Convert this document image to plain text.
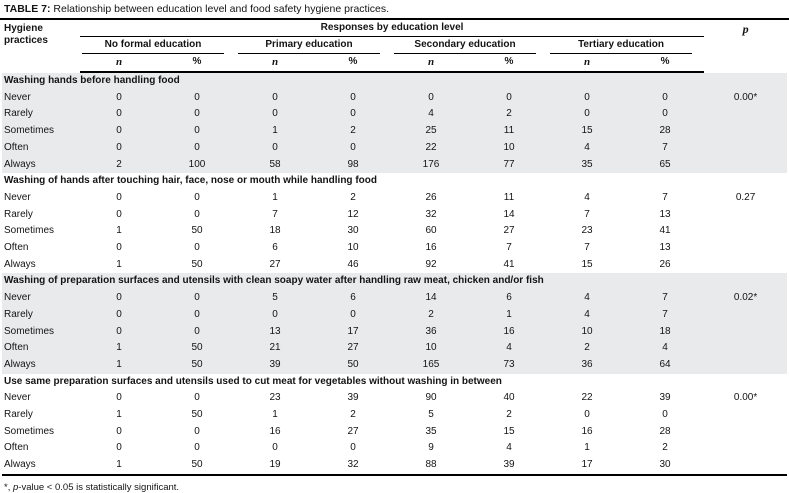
TABLE 7: Relationship between education level and food safety hygiene practices.
Hygiene practices	Responses by education level								p

	No formal education		Primary education		Secondary education		Tertiary education		

	n	%	n	%	n	%	n	%	
Washing hands before handling food									
Never	0	0	0	0	0	0	0	0	0.00*
Rarely	0	0	0	0	4	2	0	0	
Sometimes	0	0	1	2	25	11	15	28	
Often	0	0	0	0	22	10	4	7	
Always	2	100	58	98	176	77	35	65	
Washing of hands after touching hair, face, nose or mouth while handling food									
Never	0	0	1	2	26	11	4	7	0.27
Rarely	0	0	7	12	32	14	7	13	
Sometimes	1	50	18	30	60	27	23	41	
Often	0	0	6	10	16	7	7	13	
Always	1	50	27	46	92	41	15	26	
Washing of preparation surfaces and utensils with clean soapy water after handling raw meat, chicken and/or fish									
Never	0	0	5	6	14	6	4	7	0.02*
Rarely	0	0	0	0	2	1	4	7	
Sometimes	0	0	13	17	36	16	10	18	
Often	1	50	21	27	10	4	2	4	
Always	1	50	39	50	165	73	36	64	
Use same preparation surfaces and utensils used to cut meat for vegetables without washing in between									
Never	0	0	23	39	90	40	22	39	0.00*
Rarely	1	50	1	2	5	2	0	0	
Sometimes	0	0	16	27	35	15	16	28	
Often	0	0	0	0	9	4	1	2	
Always	1	50	19	32	88	39	17	30	
*, p-value < 0.05 is statistically significant.
